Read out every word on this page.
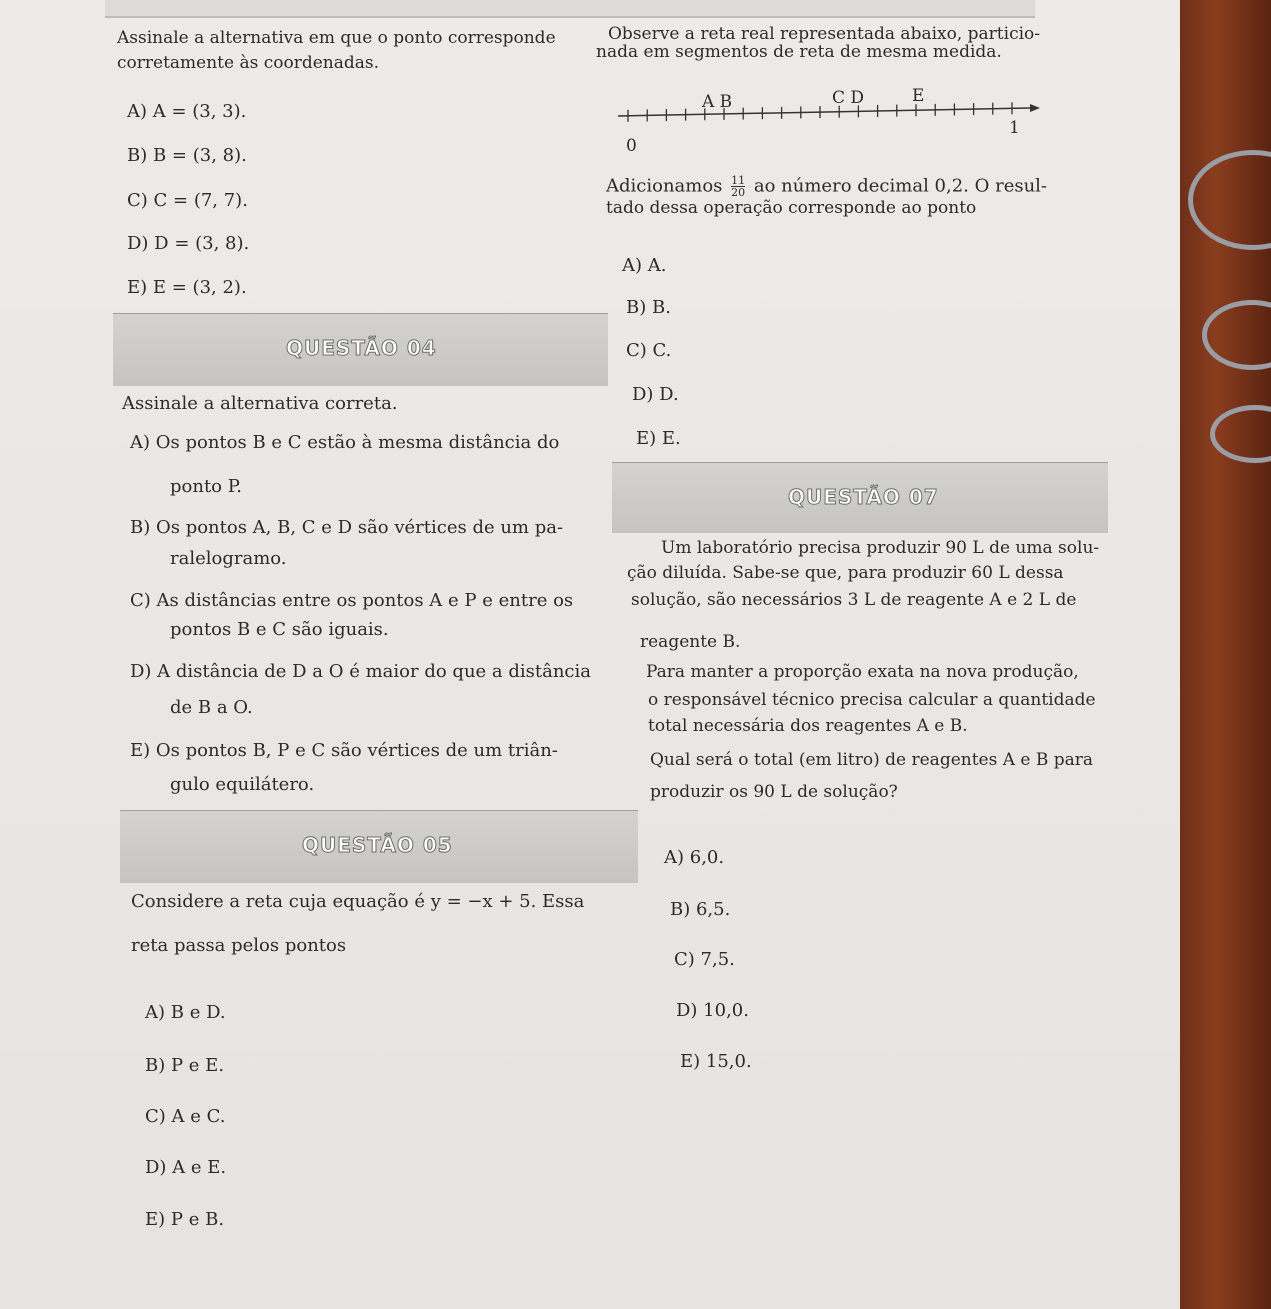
Assinale a alternativa em que o ponto corresponde
corretamente às coordenadas.
A) A = (3, 3).
B) B = (3, 8).
C) C = (7, 7).
D) D = (3, 8).
E) E = (3, 2).
QUESTÃO 04
Assinale a alternativa correta.
A) Os pontos B e C estão à mesma distância do
ponto P.
B) Os pontos A, B, C e D são vértices de um pa-
ralelogramo.
C) As distâncias entre os pontos A e P e entre os
pontos B e C são iguais.
D) A distância de D a O é maior do que a distância
de B a O.
E) Os pontos B, P e C são vértices de um triân-
gulo equilátero.
QUESTÃO 05
Considere a reta cuja equação é y = −x + 5. Essa
reta passa pelos pontos
A) B e D.
B) P e E.
C) A e C.
D) A e E.
E) P e B.
Observe a reta real representada abaixo, particio-
nada em segmentos de reta de mesma medida.
A B	C D	E
0
1
Adicionamos $\frac{11}{20}$ ao número decimal 0,2. O resul-
tado dessa operação corresponde ao ponto
A) A.
B) B.
C) C.
D) D.
E) E.
QUESTÃO 07
Um laboratório precisa produzir 90 L de uma solu-
ção diluída. Sabe-se que, para produzir 60 L dessa
solução, são necessários 3 L de reagente A e 2 L de
reagente B.
Para manter a proporção exata na nova produção,
o responsável técnico precisa calcular a quantidade
total necessária dos reagentes A e B.
Qual será o total (em litro) de reagentes A e B para
produzir os 90 L de solução?
A) 6,0.
B) 6,5.
C) 7,5.
D) 10,0.
E) 15,0.
